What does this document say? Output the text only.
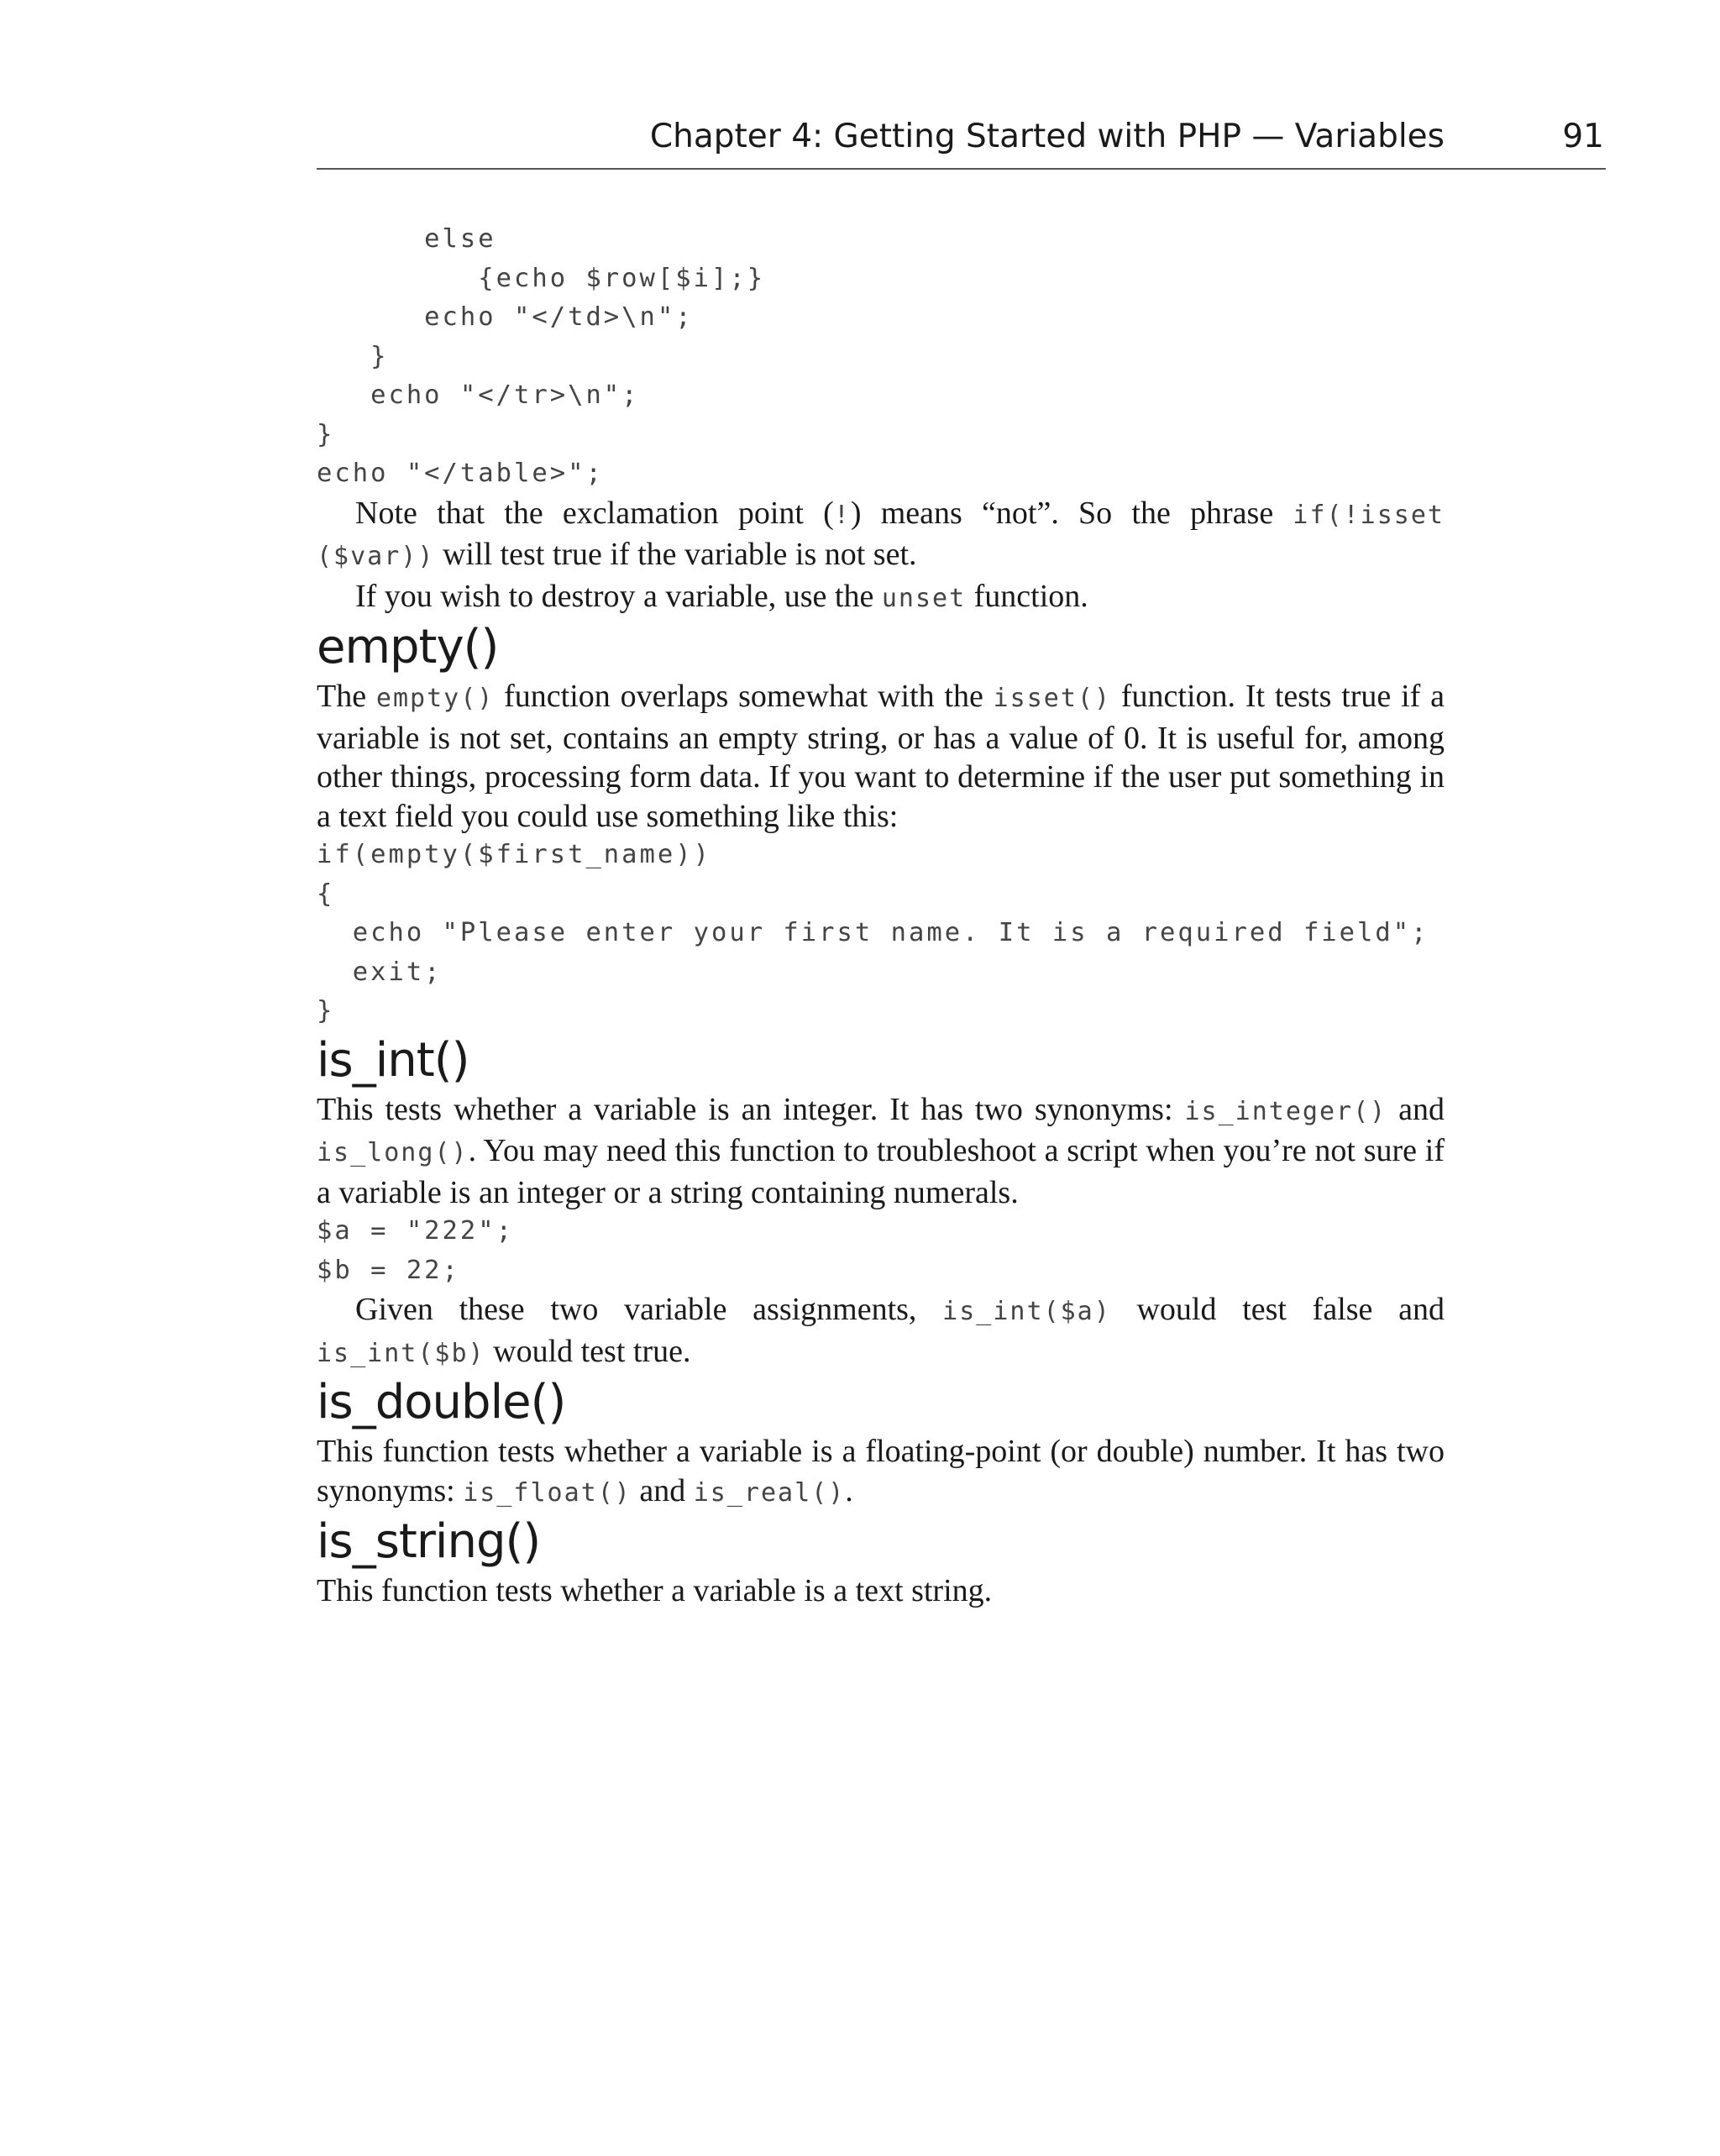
Chapter 4: Getting Started with PHP — Variables	91
else
{echo $row[$i];}
echo "</td>\n";
}
echo "</tr>\n";
}
echo "</table>";

Note that the exclamation point (!) means “not”. So the phrase if(!isset ($var)) will test true if the variable is not set.

If you wish to destroy a variable, use the unset function.

empty()

The empty() function overlaps somewhat with the isset() function. It tests true if a variable is not set, contains an empty string, or has a value of 0. It is useful for, among other things, processing form data. If you want to determine if the user put something in a text field you could use something like this:

if(empty($first_name))
{
echo "Please enter your first name. It is a required field";
exit;
}
is_int()

This tests whether a variable is an integer. It has two synonyms: is_integer() and is_long(). You may need this function to troubleshoot a script when you’re not sure if a variable is an integer or a string containing numerals.

$a = "222";
$b = 22;

Given these two variable assignments, is_int($a) would test false and is_int($b) would test true.

is_double()

This function tests whether a variable is a floating-point (or double) number. It has two synonyms: is_float() and is_real().

is_string()

This function tests whether a variable is a text string.
